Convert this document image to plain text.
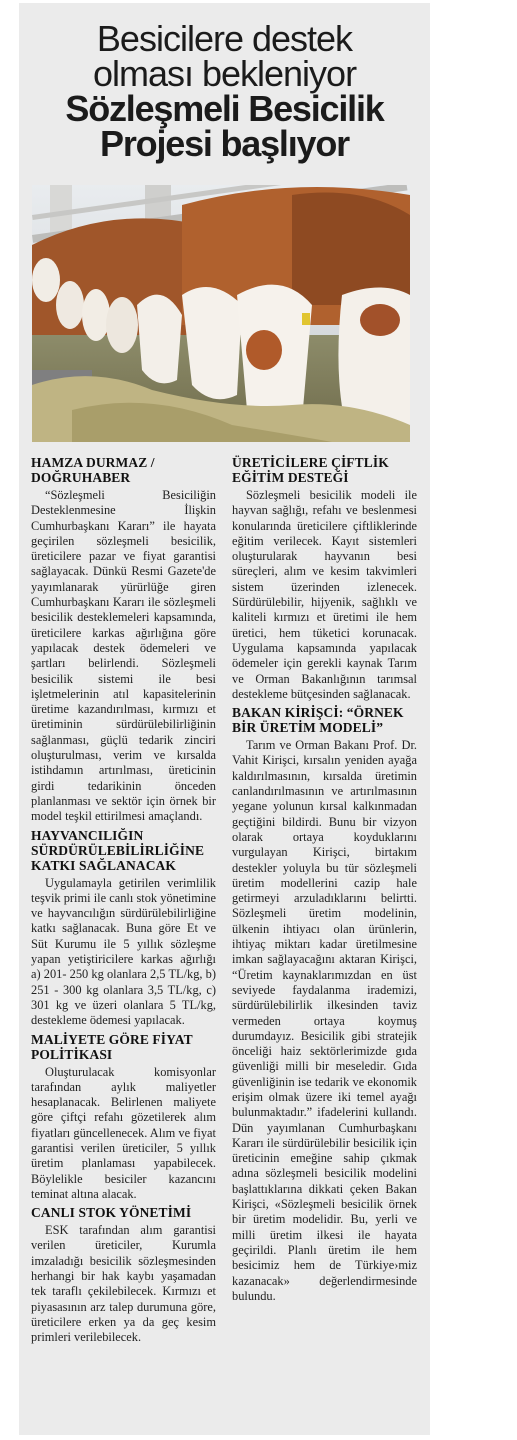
Besicilere destek
olması bekleniyor
Sözleşmeli Besicilik
Projesi başlıyor
HAMZA DURMAZ / DOĞRUHABER

“Sözleşmeli Besiciliğin Desteklenmesine İlişkin Cumhurbaşkanı Kararı” ile hayata geçirilen sözleşmeli besicilik, üreticilere pazar ve fiyat garantisi sağlayacak. Dünkü Resmi Gazete'de yayımlanarak yürürlüğe giren Cumhurbaşkanı Kararı ile sözleşmeli besicilik desteklemeleri kapsamında, üreticilere karkas ağırlığına göre yapılacak destek ödemeleri ve şartları belirlendi. Sözleşmeli besicilik sistemi ile besi işletmelerinin atıl kapasitelerinin üretime kazandırılması, kırmızı et üretiminin sürdürülebilirliğinin sağlanması, güçlü tedarik zinciri oluşturulması, verim ve kırsalda istihdamın artırılması, üreticinin girdi tedarikinin önceden planlanması ve sektör için örnek bir model teşkil ettirilmesi amaçlandı.

HAYVANCILIĞIN SÜRDÜRÜLEBİLİRLİĞİNE KATKI SAĞLANACAK

Uygulamayla getirilen verimlilik teşvik primi ile canlı stok yönetimine ve hayvancılığın sürdürülebilirliğine katkı sağlanacak. Buna göre Et ve Süt Kurumu ile 5 yıllık sözleşme yapan yetiştiricilere karkas ağırlığı a) 201- 250 kg olanlara 2,5 TL/kg, b) 251 - 300 kg olanlara 3,5 TL/kg, c) 301 kg ve üzeri olanlara 5 TL/kg, destekleme ödemesi yapılacak.

MALİYETE GÖRE FİYAT POLİTİKASI

Oluşturulacak komisyonlar tarafından aylık maliyetler hesaplanacak. Belirlenen maliyete göre çiftçi refahı gözetilerek alım fiyatları güncellenecek. Alım ve fiyat garantisi verilen üreticiler, 5 yıllık üretim planlaması yapabilecek. Böylelikle besiciler kazancını teminat altına alacak.

CANLI STOK YÖNETİMİ

ESK tarafından alım garantisi verilen üreticiler, Kurumla imzaladığı besicilik sözleşmesinden herhangi bir hak kaybı yaşamadan tek taraflı çekilebilecek. Kırmızı et piyasasının arz talep durumuna göre, üreticilere erken ya da geç kesim primleri verilebilecek.

ÜRETİCİLERE ÇİFTLİK EĞİTİM DESTEĞİ

Sözleşmeli besicilik modeli ile hayvan sağlığı, refahı ve beslenmesi konularında üreticilere çiftliklerinde eğitim verilecek. Kayıt sistemleri oluşturularak hayvanın besi süreçleri, alım ve kesim takvimleri sistem üzerinden izlenecek. Sürdürülebilir, hijyenik, sağlıklı ve kaliteli kırmızı et üretimi ile hem üretici, hem tüketici korunacak. Uygulama kapsamında yapılacak ödemeler için gerekli kaynak Tarım ve Orman Bakanlığının tarımsal destekleme bütçesinden sağlanacak.

BAKAN KİRİŞCİ: “ÖRNEK BİR ÜRETİM MODELİ”

Tarım ve Orman Bakanı Prof. Dr. Vahit Kirişci, kırsalın yeniden ayağa kaldırılmasının, kırsalda üretimin canlandırılmasının ve artırılmasının yegane yolunun kırsal kalkınmadan geçtiğini bildirdi. Bunu bir vizyon olarak ortaya koyduklarını vurgulayan Kirişci, birtakım destekler yoluyla bu tür sözleşmeli üretim modellerini cazip hale getirmeyi arzuladıklarını belirtti. Sözleşmeli üretim modelinin, ülkenin ihtiyacı olan ürünlerin, ihtiyaç miktarı kadar üretilmesine imkan sağlayacağını aktaran Kirişci, “Üretim kaynaklarımızdan en üst seviyede faydalanma irademizi, sürdürülebilirlik ilkesinden taviz vermeden ortaya koymuş durumdayız. Besicilik gibi stratejik önceliği haiz sektörlerimizde gıda güvenliği milli bir meseledir. Gıda güvenliğinin ise tedarik ve ekonomik erişim olmak üzere iki temel ayağı bulunmaktadır.” ifadelerini kullandı. Dün yayımlanan Cumhurbaşkanı Kararı ile sürdürülebilir besicilik için üreticinin emeğine sahip çıkmak adına sözleşmeli besicilik modelini başlattıklarına dikkati çeken Bakan Kirişci, «Sözleşmeli besicilik örnek bir üretim modelidir. Bu, yerli ve milli üretim ilkesi ile hayata geçirildi. Planlı üretim ile hem besicimiz hem de Türkiye›miz kazanacak» değerlendirmesinde bulundu.
